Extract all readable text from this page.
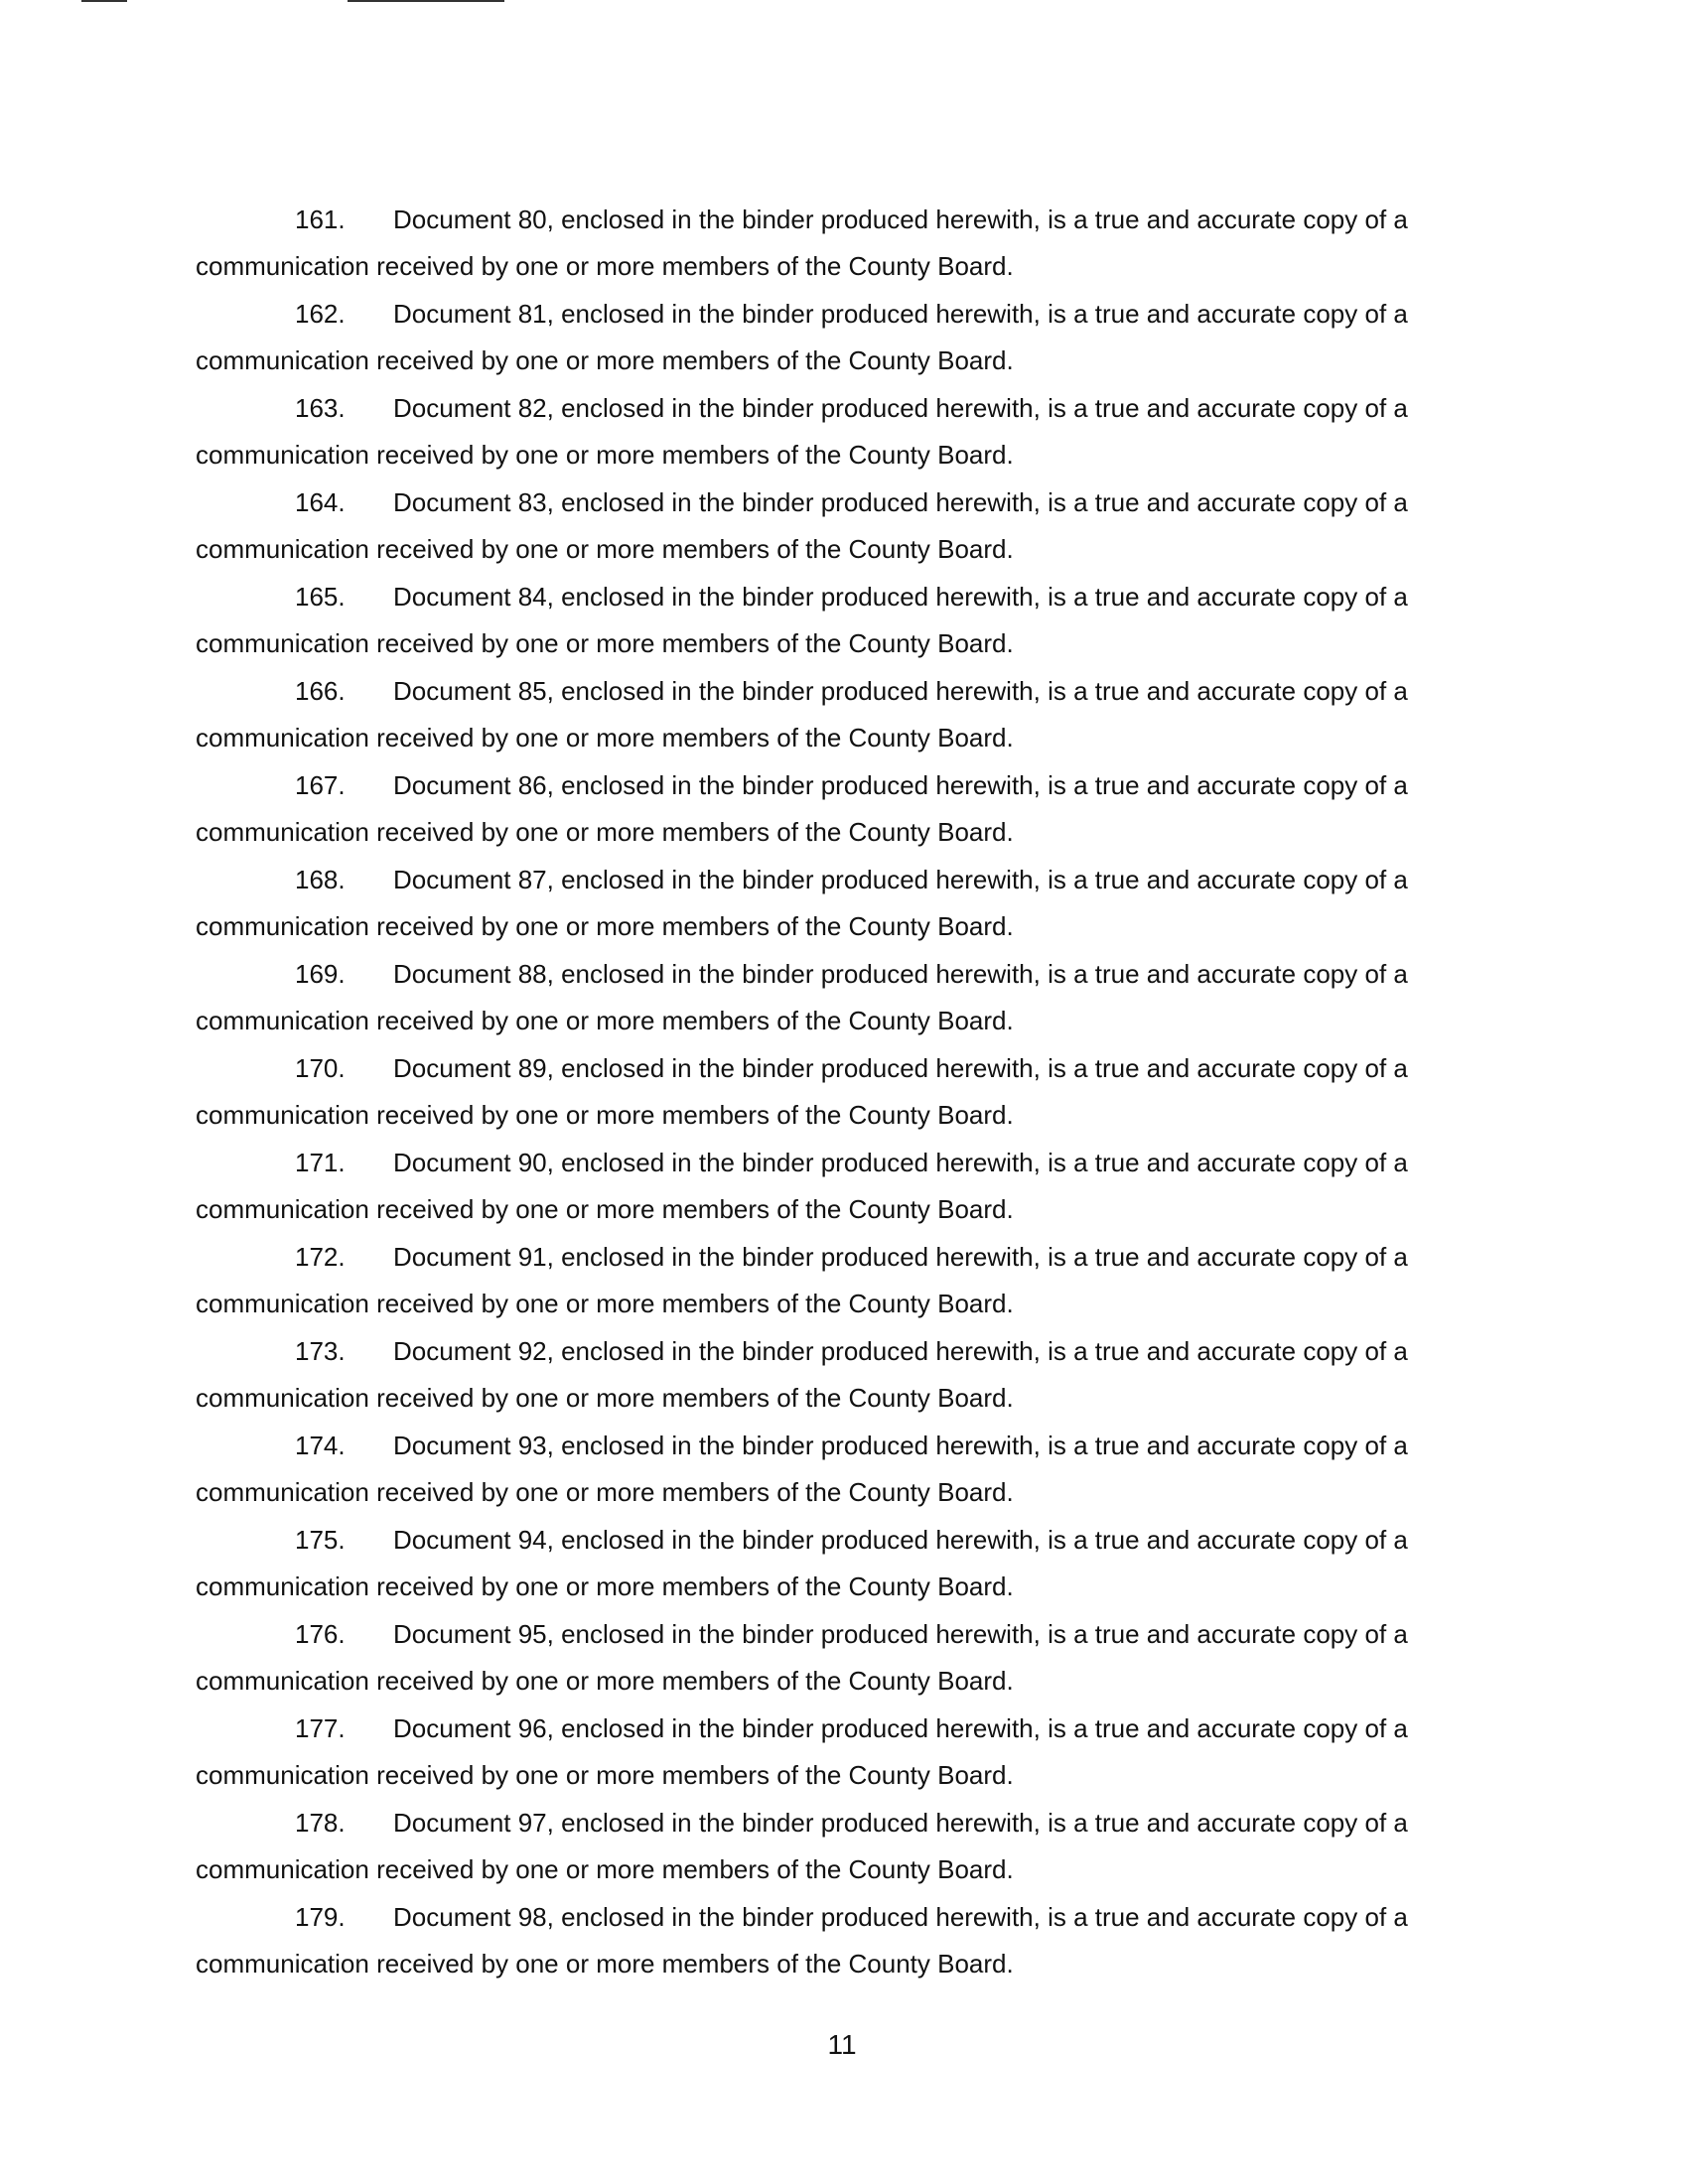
161. Document 80, enclosed in the binder produced herewith, is a true and accurate copy of a
communication received by one or more members of the County Board.
162. Document 81, enclosed in the binder produced herewith, is a true and accurate copy of a
communication received by one or more members of the County Board.
163. Document 82, enclosed in the binder produced herewith, is a true and accurate copy of a
communication received by one or more members of the County Board.
164. Document 83, enclosed in the binder produced herewith, is a true and accurate copy of a
communication received by one or more members of the County Board.
165. Document 84, enclosed in the binder produced herewith, is a true and accurate copy of a
communication received by one or more members of the County Board.
166. Document 85, enclosed in the binder produced herewith, is a true and accurate copy of a
communication received by one or more members of the County Board.
167. Document 86, enclosed in the binder produced herewith, is a true and accurate copy of a
communication received by one or more members of the County Board.
168. Document 87, enclosed in the binder produced herewith, is a true and accurate copy of a
communication received by one or more members of the County Board.
169. Document 88, enclosed in the binder produced herewith, is a true and accurate copy of a
communication received by one or more members of the County Board.
170. Document 89, enclosed in the binder produced herewith, is a true and accurate copy of a
communication received by one or more members of the County Board.
171. Document 90, enclosed in the binder produced herewith, is a true and accurate copy of a
communication received by one or more members of the County Board.
172. Document 91, enclosed in the binder produced herewith, is a true and accurate copy of a
communication received by one or more members of the County Board.
173. Document 92, enclosed in the binder produced herewith, is a true and accurate copy of a
communication received by one or more members of the County Board.
174. Document 93, enclosed in the binder produced herewith, is a true and accurate copy of a
communication received by one or more members of the County Board.
175. Document 94, enclosed in the binder produced herewith, is a true and accurate copy of a
communication received by one or more members of the County Board.
176. Document 95, enclosed in the binder produced herewith, is a true and accurate copy of a
communication received by one or more members of the County Board.
177. Document 96, enclosed in the binder produced herewith, is a true and accurate copy of a
communication received by one or more members of the County Board.
178. Document 97, enclosed in the binder produced herewith, is a true and accurate copy of a
communication received by one or more members of the County Board.
179. Document 98, enclosed in the binder produced herewith, is a true and accurate copy of a
communication received by one or more members of the County Board.
11
